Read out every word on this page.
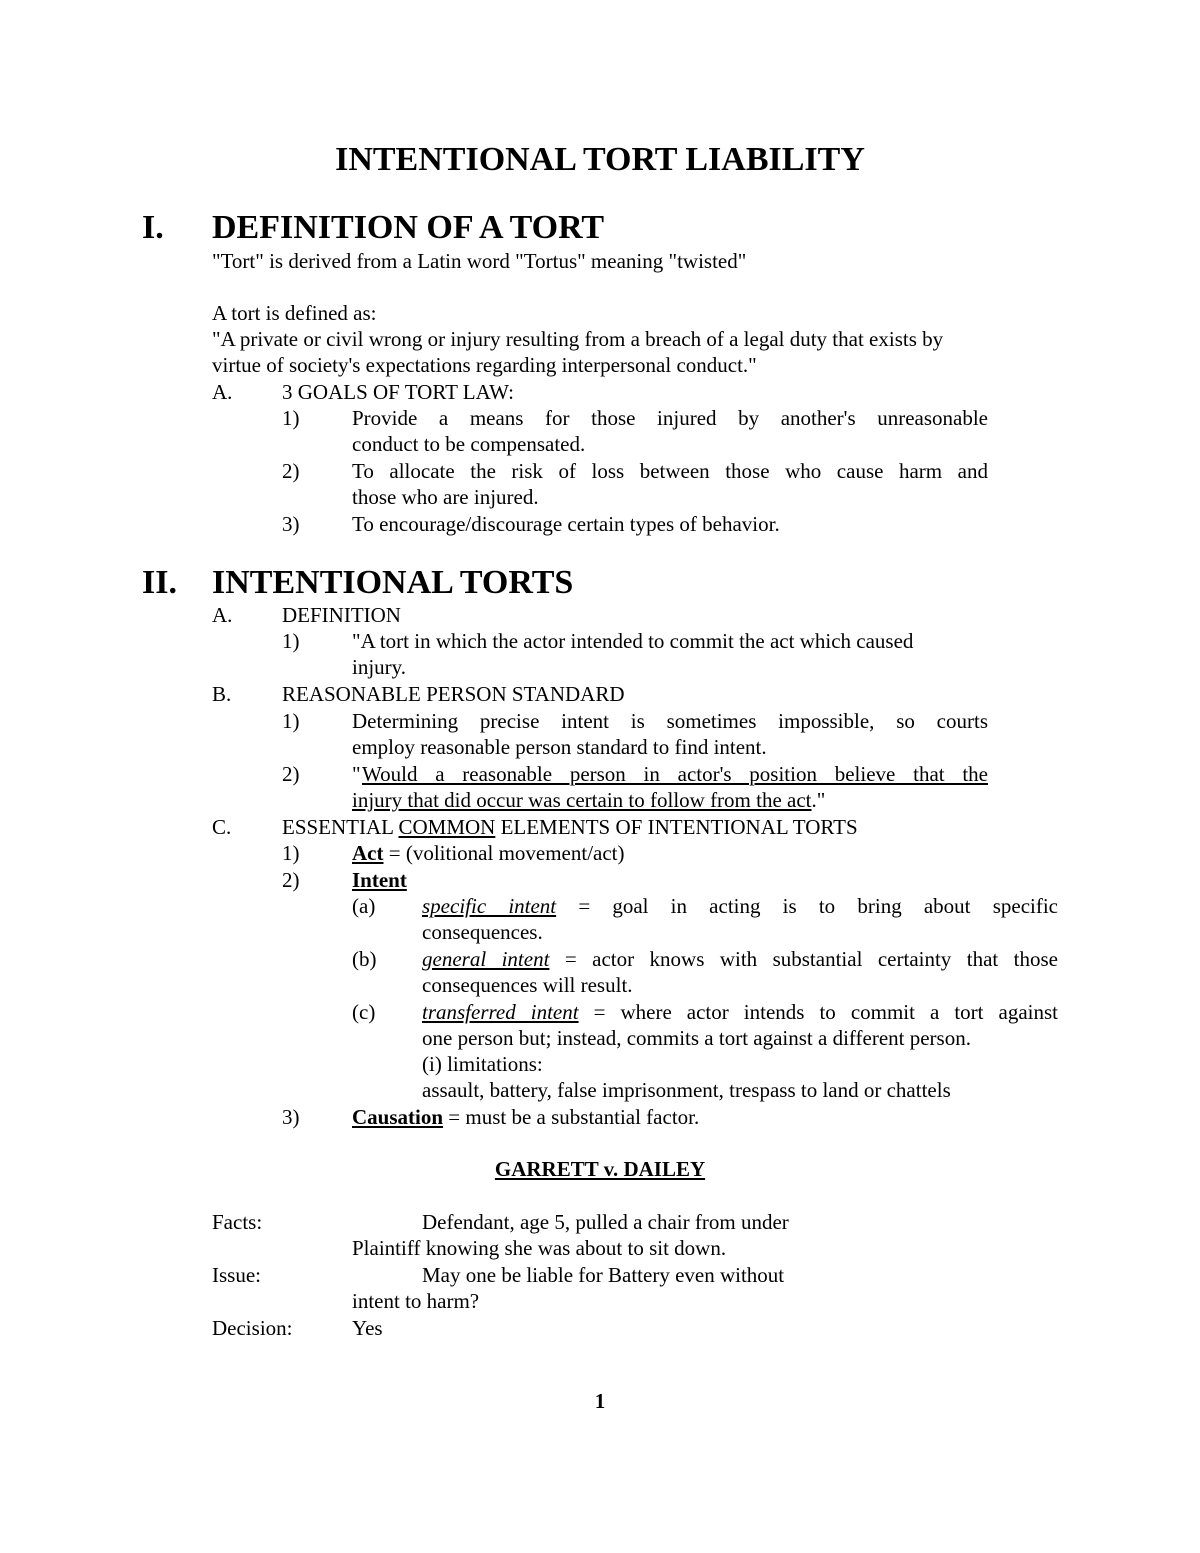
INTENTIONAL TORT LIABILITY
I. DEFINITION OF A TORT
"Tort" is derived from a Latin word "Tortus" meaning "twisted"
A tort is defined as:
"A private or civil wrong or injury resulting from a breach of a legal duty that exists by
virtue of society's expectations regarding interpersonal conduct."
A. 3 GOALS OF TORT LAW:
1)	Provide a means for those injured by another's unreasonable
conduct to be compensated.
2)	To allocate the risk of loss between those who cause harm and
those who are injured.
3)	To encourage/discourage certain types of behavior.
II. INTENTIONAL TORTS
A. DEFINITION
1)	"A tort in which the actor intended to commit the act which caused
injury.
B. REASONABLE PERSON STANDARD
1)	Determining precise intent is sometimes impossible, so courts
employ reasonable person standard to find intent.
2)	" Would a reasonable person in actor's position believe that the
injury that did occur was certain to follow from the act."
C. ESSENTIAL COMMON ELEMENTS OF INTENTIONAL TORTS
1)	Act = (volitional movement/act)
2)	Intent
(a) specific intent = goal in acting is to bring about specific
consequences.
(b) general intent = actor knows with substantial certainty that those
consequences will result.
(c) transferred intent = where actor intends to commit a tort against
one person but; instead, commits a tort against a different person.
(i) limitations:
assault, battery, false imprisonment, trespass to land or chattels
3)	Causation = must be a substantial factor.
GARRETT v. DAILEY
Facts:	Defendant, age 5, pulled a chair from under
Plaintiff knowing she was about to sit down.
Issue:	May one be liable for Battery even without
intent to harm?
Decision:	Yes
1
